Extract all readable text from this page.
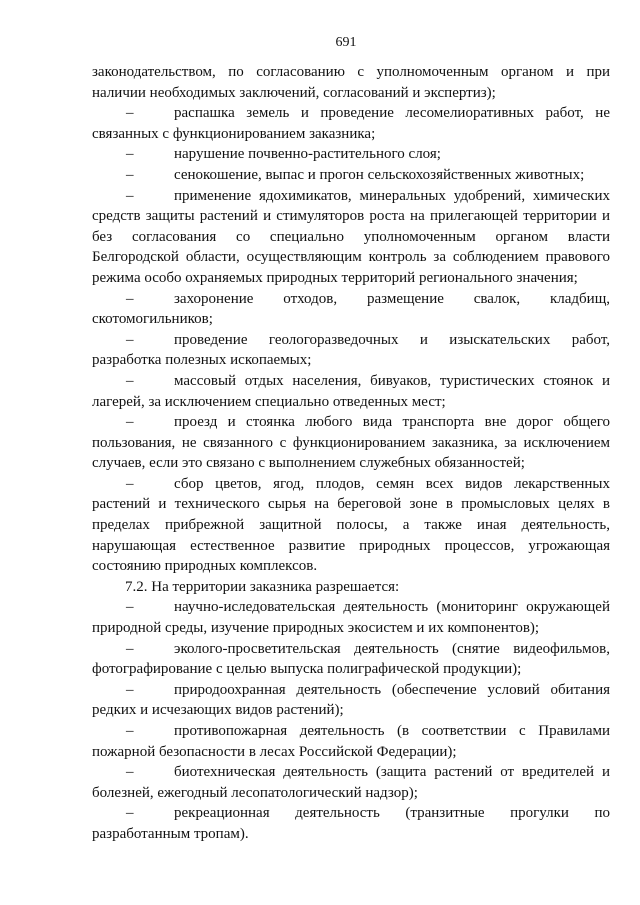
691
законодательством, по согласованию с уполномоченным органом и при
наличии необходимых заключений, согласований и экспертиз);
–	распашка земель и проведение лесомелиоративных работ, не
связанных с функционированием заказника;
–	нарушение почвенно-растительного слоя;
–	сенокошение, выпас и прогон сельскохозяйственных животных;
–	применение ядохимикатов, минеральных удобрений, химических
средств защиты растений и стимуляторов роста на прилегающей территории и
без согласования со специально уполномоченным органом власти
Белгородской области, осуществляющим контроль за соблюдением правового
режима особо охраняемых природных территорий регионального значения;
–	захоронение отходов, размещение свалок, кладбищ,
скотомогильников;
–	проведение геологоразведочных и изыскательских работ,
разработка полезных ископаемых;
–	массовый отдых населения, бивуаков, туристических стоянок и
лагерей, за исключением специально отведенных мест;
–	проезд и стоянка любого вида транспорта вне дорог общего
пользования, не связанного с функционированием заказника, за исключением
случаев, если это связано с выполнением служебных обязанностей;
–	сбор цветов, ягод, плодов, семян всех видов лекарственных
растений и технического сырья на береговой зоне в промысловых целях в
пределах прибрежной защитной полосы, а также иная деятельность,
нарушающая естественное развитие природных процессов, угрожающая
состоянию природных комплексов.
7.2. На территории заказника разрешается:
–	научно-иследовательская деятельность (мониторинг окружающей
природной среды, изучение природных экосистем и их компонентов);
–	эколого-просветительская деятельность (снятие видеофильмов,
фотографирование с целью выпуска полиграфической продукции);
–	природоохранная деятельность (обеспечение условий обитания
редких и исчезающих видов растений);
–	противопожарная деятельность (в соответствии с Правилами
пожарной безопасности в лесах Российской Федерации);
–	биотехническая деятельность (защита растений от вредителей и
болезней, ежегодный лесопатологический надзор);
–	рекреационная деятельность (транзитные прогулки по
разработанным тропам).
